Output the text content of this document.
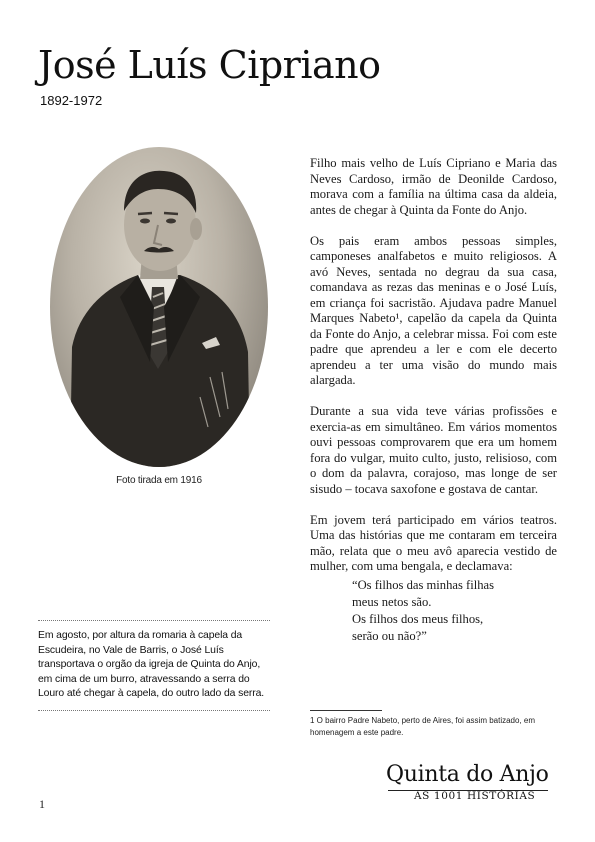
José Luís Cipriano
1892-1972
Foto tirada em 1916

Em agosto, por altura da romaria à capela da Escudeira, no Vale de Barris, o José Luís transportava o orgão da igreja de Quinta do Anjo, em cima de um burro, atravessando a serra do Louro até chegar à capela, do outro lado da serra.

Filho mais velho de Luís Cipriano e Maria das Neves Cardoso, irmão de Deonilde Cardoso, morava com a família na última casa da aldeia, antes de chegar à Quinta da Fonte do Anjo.

Os pais eram ambos pessoas simples, camponeses analfabetos e muito religiosos. A avó Neves, sentada no degrau da sua casa, comandava as rezas das meninas e o José Luís, em criança foi sacristão. Ajudava padre Manuel Marques Nabeto¹, capelão da capela da Quinta da Fonte do Anjo, a celebrar missa. Foi com este padre que aprendeu a ler e com ele decerto aprendeu a ter uma visão do mundo mais alargada.

Durante a sua vida teve várias profissões e exercia-as em simultâneo. Em vários momentos ouvi pessoas comprovarem que era um homem fora do vulgar, muito culto, justo, relisioso, com o dom da palavra, corajoso, mas longe de ser sisudo – tocava saxofone e gostava de cantar.

Em jovem terá participado em vários teatros. Uma das histórias que me contaram em terceira mão, relata que o meu avô aparecia vestido de mulher, com uma bengala, e declamava:

“Os filhos das minhas filhas
meus netos são.
Os filhos dos meus filhos,
serão ou não?”
1 O bairro Padre Nabeto, perto de Aires, foi assim batizado, em homenagem a este padre.
1
Quinta do Anjo
AS 1001 HISTÓRIAS
